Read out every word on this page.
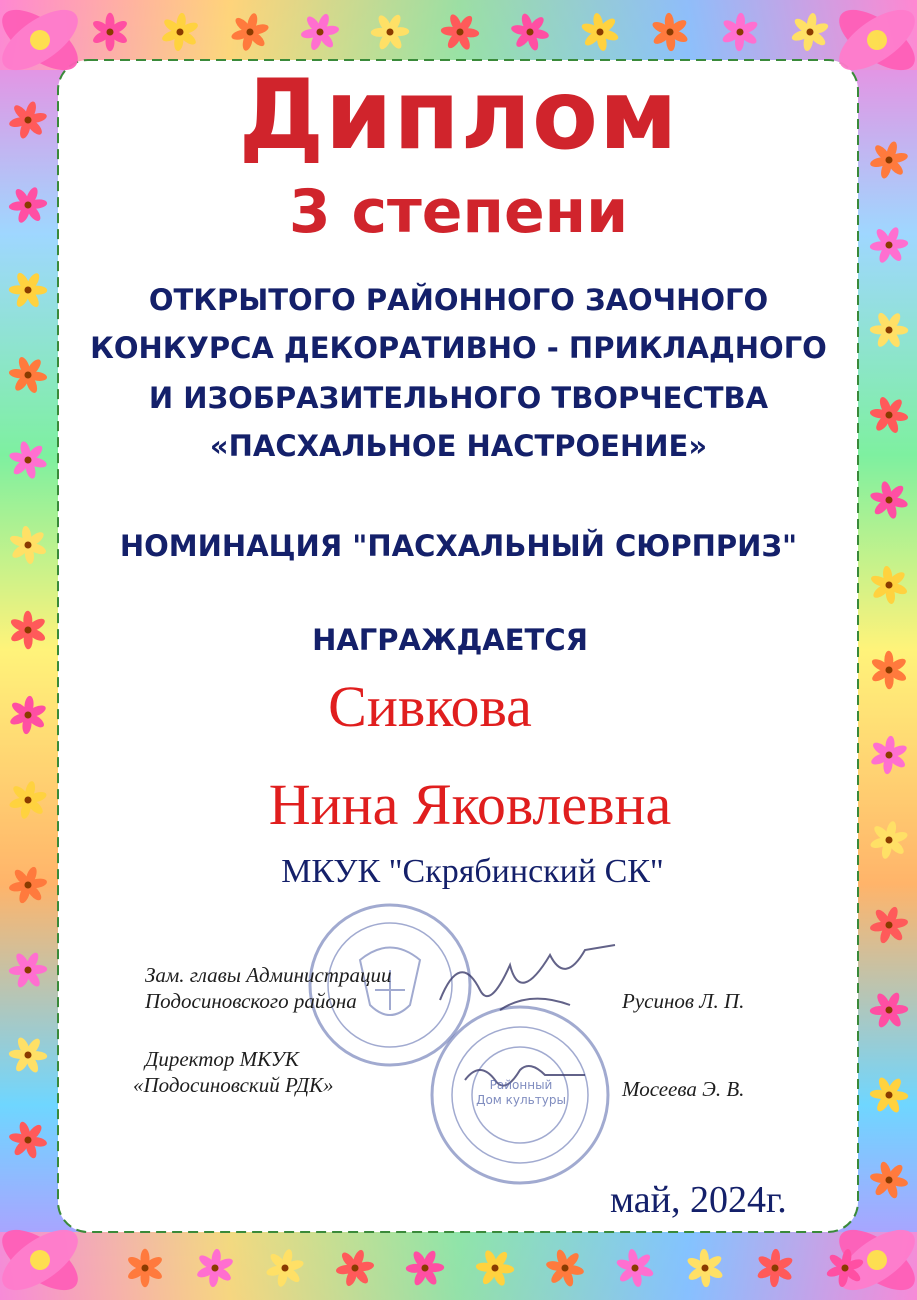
Диплом
3 степени

ОТКРЫТОГО РАЙОННОГО ЗАОЧНОГО

КОНКУРСА ДЕКОРАТИВНО - ПРИКЛАДНОГО

И ИЗОБРАЗИТЕЛЬНОГО ТВОРЧЕСТВА

«ПАСХАЛЬНОЕ НАСТРОЕНИЕ»

НОМИНАЦИЯ "ПАСХАЛЬНЫЙ СЮРПРИЗ"

НАГРАЖДАЕТСЯ

Сивкова

Нина Яковлевна

МКУК "Скрябинский СК"

Районный Дом культуры
Зам. главы Администрации
Подосиновского района	Русинов Л. П.
Директор МКУК
«Подосиновский РДК»	Мосеева Э. В.
май, 2024г.
